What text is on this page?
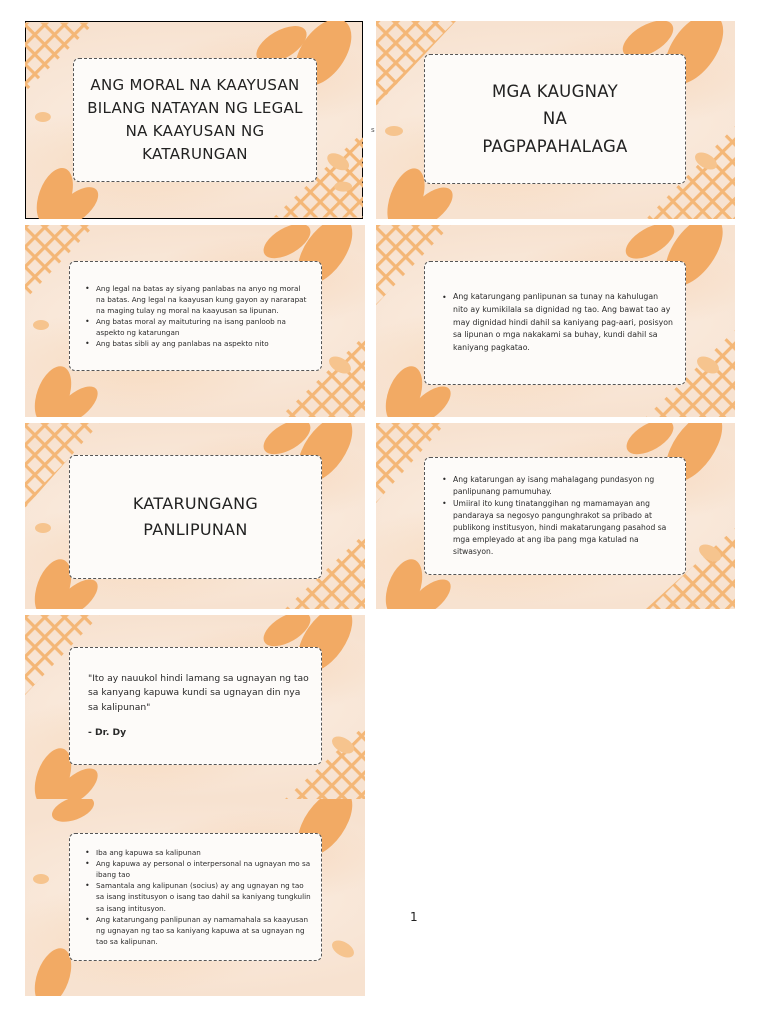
ANG MORAL NA KAAYUSAN
BILANG NATAYAN NG LEGAL
NA KAAYUSAN NG
KATARUNGAN
MGA KAUGNAY
NA
PAGPAPAHALAGA
• Ang legal na batas ay siyang panlabas na anyo ng moral na batas. Ang legal na kaayusan kung gayon ay nararapat na maging tulay ng moral na kaayusan sa lipunan.
• Ang batas moral ay maituturing na isang panloob na aspekto ng katarungan
• Ang batas sibli ay ang panlabas na aspekto nito
• Ang katarungang panlipunan sa tunay na kahulugan nito ay kumikilala sa dignidad ng tao. Ang bawat tao ay may dignidad hindi dahil sa kaniyang pag-aari, posisyon sa lipunan o mga nakakami sa buhay, kundi dahil sa kaniyang pagkatao.
KATARUNGANG
PANLIPUNAN
• Ang katarungan ay isang mahalagang pundasyon ng panlipunang pamumuhay.
• Umiiral ito kung tinatanggihan ng mamamayan ang pandaraya sa negosyo pangunghrakot sa pribado at publikong institusyon, hindi makatarungang pasahod sa mga empleyado at ang iba pang mga katulad na sitwasyon.
"Ito ay nauukol hindi lamang sa ugnayan ng tao sa kanyang kapuwa kundi sa ugnayan din nya sa kalipunan"
- Dr. Dy
• Iba ang kapuwa sa kalipunan
• Ang kapuwa ay personal o interpersonal na ugnayan mo sa ibang tao
• Samantala ang kalipunan (socius) ay ang ugnayan ng tao sa isang institusyon o isang tao dahil sa kaniyang tungkulin sa isang intitusyon.
• Ang katarungang panlipunan ay namamahala sa kaayusan ng ugnayan ng tao sa kaniyang kapuwa at sa ugnayan ng tao sa kalipunan.
s
1
